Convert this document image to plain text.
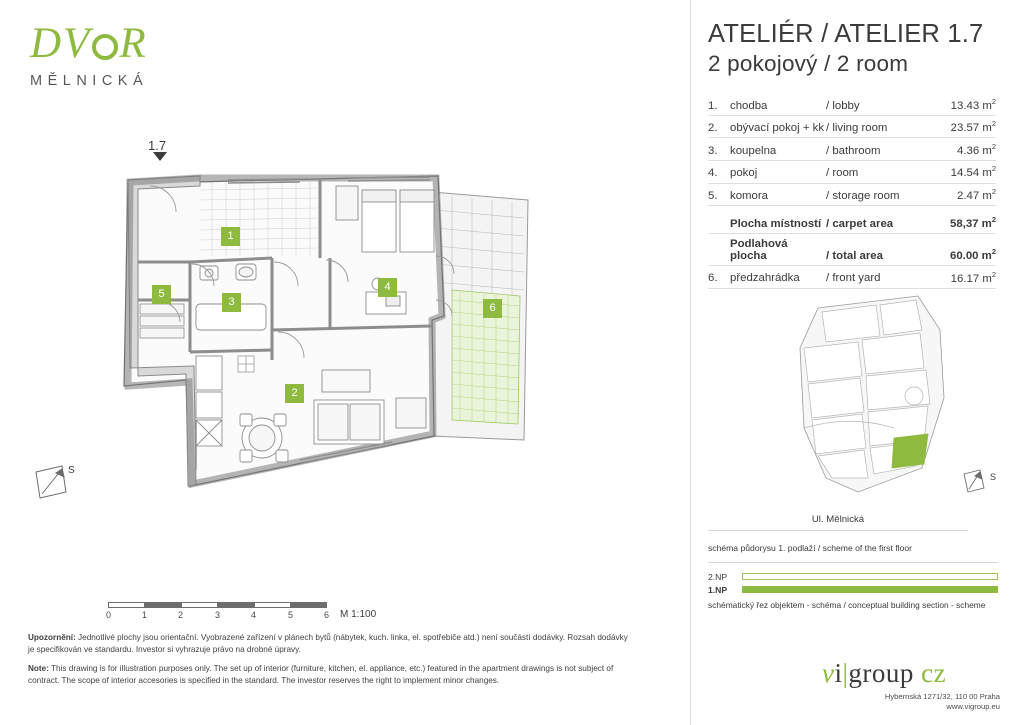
DV R
MĚLNICKÁ
1.7
1
2
3
4
5
6
S
0	1	2	3	4	5	6 M 1:100

Upozornění: Jednotlivé plochy jsou orientační. Vyobrazené zařízení v plánech bytů (nábytek, kuch. linka, el. spotřebiče atd.) není součástí dodávky. Rozsah dodávky je specifikován ve standardu. Investor si vyhrazuje právo na drobné úpravy.

Note: This drawing is for illustration purposes only. The set up of interior (furniture, kitchen, el. appliance, etc.) featured in the apartment drawings is not subject of contract. The scope of interior accesories is specified in the standard. The investor reserves the right to implement minor changes.

ATELIÉR / ATELIER 1.7
2 pokojový / 2 room
1.	chodba	/ lobby	13.43 $m^2$
2.	obývací pokoj + kk	/ living room	23.57 $m^2$
3.	koupelna	/ bathroom	4.36 $m^2$
4.	pokoj	/ room	14.54 $m^2$
5.	komora	/ storage room	2.47 $m^2$
	Plocha místností	/ carpet area	58,37 $m^2$
	Podlahová plocha	/ total area	60.00 $m^2$
6.	předzahrádka	/ front yard	16.17 $m^2$
S
Ul. Mělnická
schéma půdorysu 1. podlaží / scheme of the first floor
2.NP
1.NP
schématický řez objektem - schéma / conceptual building section - scheme
vi|group cz
Hybernská 1271/32, 110 00 Praha
www.vigroup.eu
